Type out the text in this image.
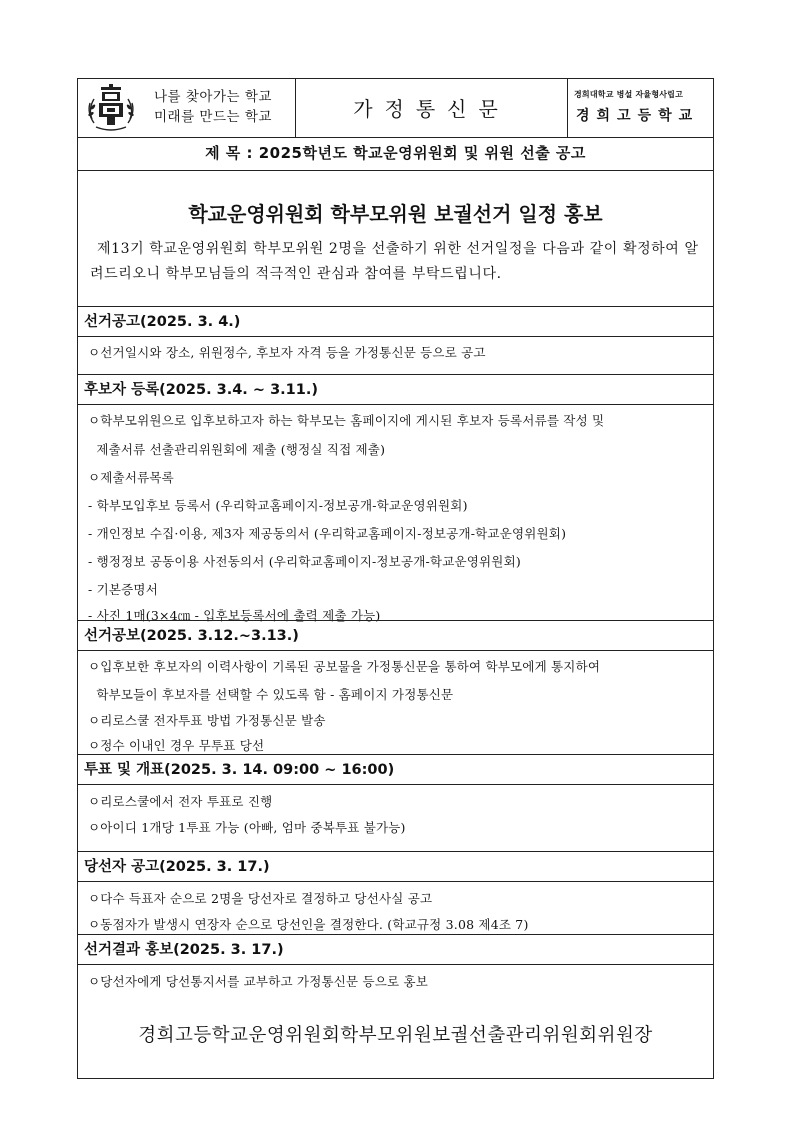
나를 찾아가는 학교
미래를 만드는 학교	가정통신문
경희대학교 병설 자율형사립고
경희고등학교
제 목 : 2025학년도 학교운영위원회 및 위원 선출 공고
학교운영위원회 학부모위원 보궐선거 일정 홍보
제13기 학교운영위원회 학부모위원 2명을 선출하기 위한 선거일정을 다음과 같이 확정하여 알려드리오니 학부모님들의 적극적인 관심과 참여를 부탁드립니다.
선거공고(2025. 3. 4.)
ㅇ선거일시와 장소, 위원정수, 후보자 자격 등을 가정통신문 등으로 공고
후보자 등록(2025. 3.4. ~ 3.11.)
ㅇ학부모위원으로 입후보하고자 하는 학부모는 홈페이지에 게시된 후보자 등록서류를 작성 및
제출서류 선출관리위원회에 제출 (행정실 직접 제출)
ㅇ제출서류목록
- 학부모입후보 등록서 (우리학교홈페이지-정보공개-학교운영위원회)
- 개인정보 수집·이용, 제3자 제공동의서 (우리학교홈페이지-정보공개-학교운영위원회)
- 행정정보 공동이용 사전동의서 (우리학교홈페이지-정보공개-학교운영위원회)
- 기본증명서
- 사진 1매(3×4㎝ - 입후보등록서에 출력 제출 가능)
선거공보(2025. 3.12.~3.13.)
ㅇ입후보한 후보자의 이력사항이 기록된 공보물을 가정통신문을 통하여 학부모에게 통지하여
학부모들이 후보자를 선택할 수 있도록 함 - 홈페이지 가정통신문
ㅇ리로스쿨 전자투표 방법 가정통신문 발송
ㅇ정수 이내인 경우 무투표 당선
투표 및 개표(2025. 3. 14. 09:00 ~ 16:00)
ㅇ리로스쿨에서 전자 투표로 진행
ㅇ아이디 1개당 1투표 가능 (아빠, 엄마 중복투표 불가능)
당선자 공고(2025. 3. 17.)
ㅇ다수 득표자 순으로 2명을 당선자로 결정하고 당선사실 공고
ㅇ동점자가 발생시 연장자 순으로 당선인을 결정한다. (학교규정 3.08 제4조 7)
선거결과 홍보(2025. 3. 17.)
ㅇ당선자에게 당선통지서를 교부하고 가정통신문 등으로 홍보
경희고등학교운영위원회학부모위원보궐선출관리위원회위원장
